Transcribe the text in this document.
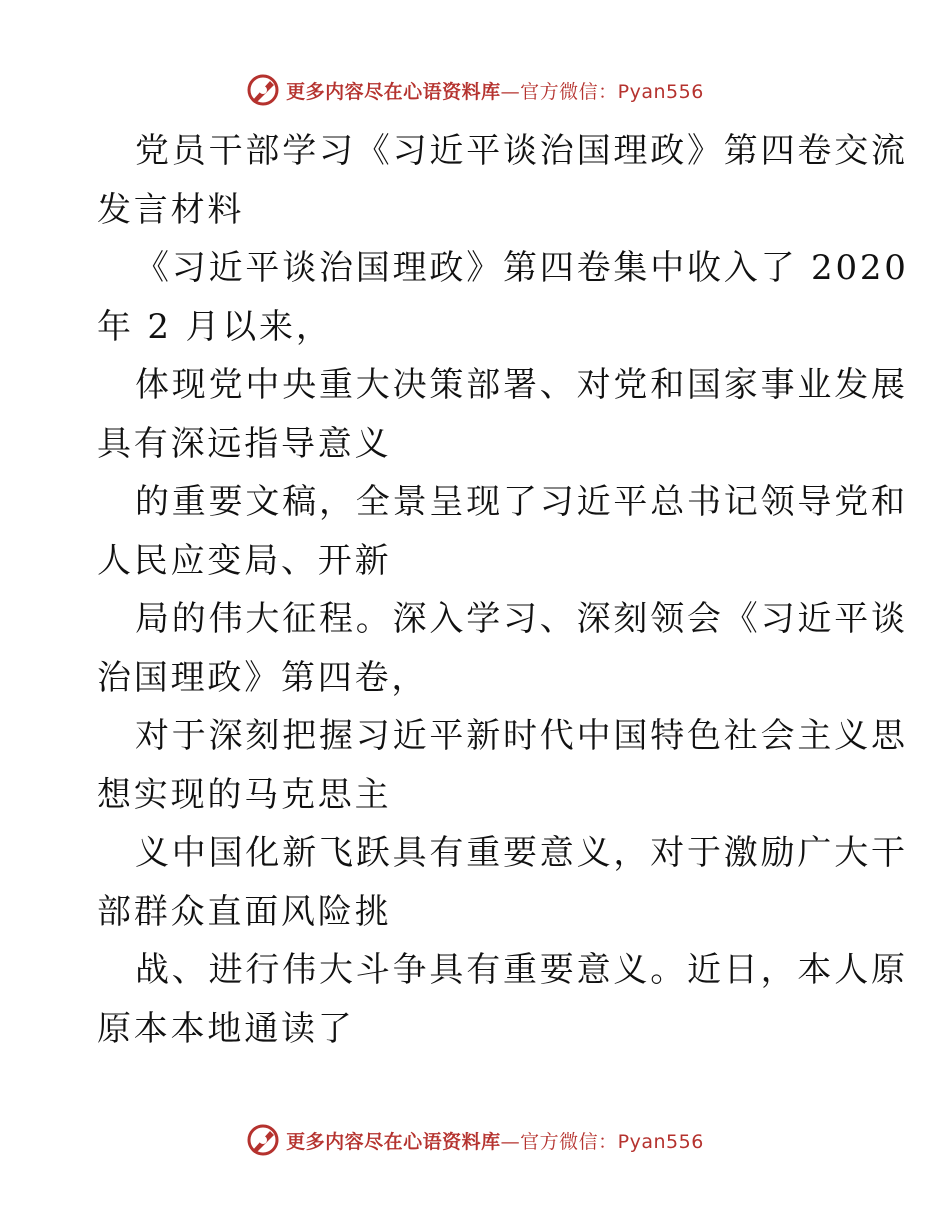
更多内容尽在心语资料库—官方微信：Pyan556
党员干部学习《习近平谈治国理政》第四卷交流
发言材料
《习近平谈治国理政》第四卷集中收入了 2020
年 2 月以来，
体现党中央重大决策部署、对党和国家事业发展
具有深远指导意义
的重要文稿，全景呈现了习近平总书记领导党和
人民应变局、开新
局的伟大征程。深入学习、深刻领会《习近平谈
治国理政》第四卷，
对于深刻把握习近平新时代中国特色社会主义思
想实现的马克思主
义中国化新飞跃具有重要意义，对于激励广大干
部群众直面风险挑
战、进行伟大斗争具有重要意义。近日，本人原
原本本地通读了
更多内容尽在心语资料库—官方微信：Pyan556
